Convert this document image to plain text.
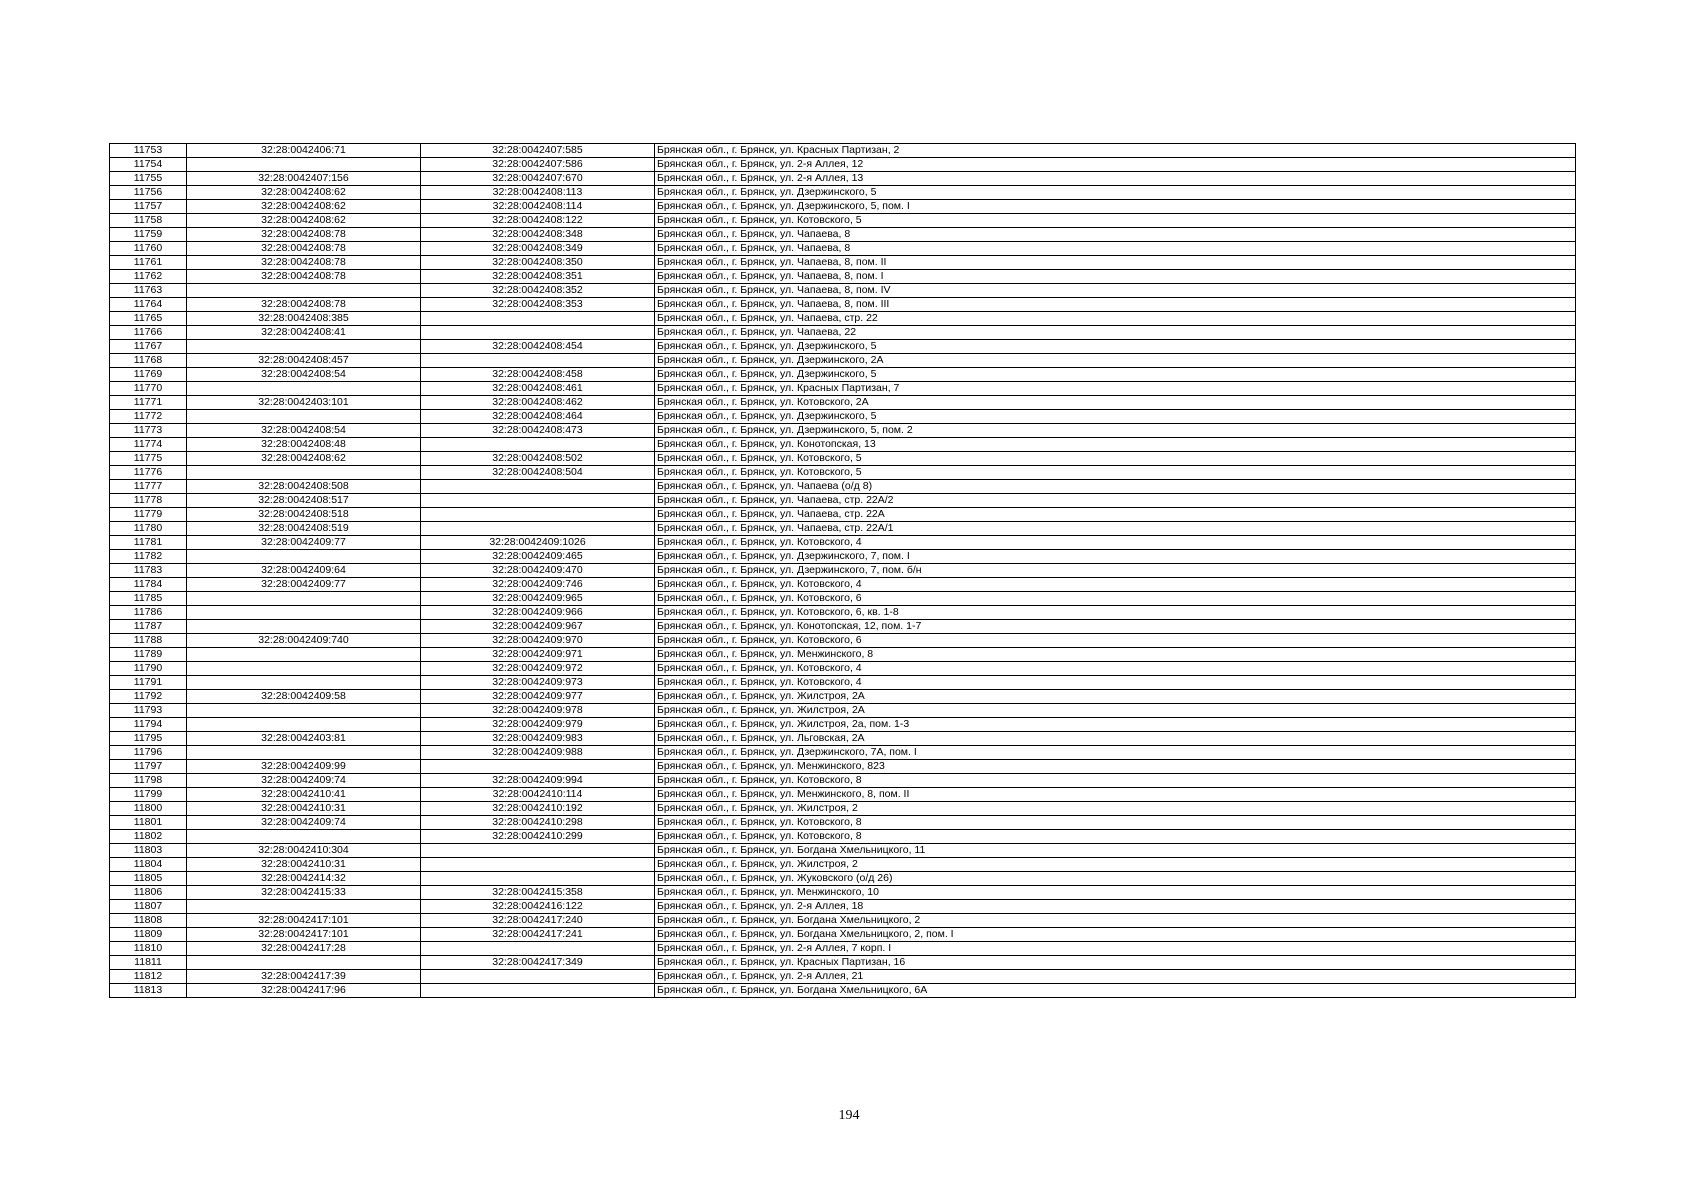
11753	32:28:0042406:71	32:28:0042407:585	Брянская обл., г. Брянск, ул. Красных Партизан, 2
11754		32:28:0042407:586	Брянская обл., г. Брянск, ул. 2-я Аллея, 12
11755	32:28:0042407:156	32:28:0042407:670	Брянская обл., г. Брянск, ул. 2-я Аллея, 13
11756	32:28:0042408:62	32:28:0042408:113	Брянская обл., г. Брянск, ул. Дзержинского, 5
11757	32:28:0042408:62	32:28:0042408:114	Брянская обл., г. Брянск, ул. Дзержинского, 5, пом. I
11758	32:28:0042408:62	32:28:0042408:122	Брянская обл., г. Брянск, ул. Котовского, 5
11759	32:28:0042408:78	32:28:0042408:348	Брянская обл., г. Брянск, ул. Чапаева, 8
11760	32:28:0042408:78	32:28:0042408:349	Брянская обл., г. Брянск, ул. Чапаева, 8
11761	32:28:0042408:78	32:28:0042408:350	Брянская обл., г. Брянск, ул. Чапаева, 8, пом. II
11762	32:28:0042408:78	32:28:0042408:351	Брянская обл., г. Брянск, ул. Чапаева, 8, пом. I
11763		32:28:0042408:352	Брянская обл., г. Брянск, ул. Чапаева, 8, пом. IV
11764	32:28:0042408:78	32:28:0042408:353	Брянская обл., г. Брянск, ул. Чапаева, 8, пом. III
11765	32:28:0042408:385		Брянская обл., г. Брянск, ул. Чапаева, стр. 22
11766	32:28:0042408:41		Брянская обл., г. Брянск, ул. Чапаева, 22
11767		32:28:0042408:454	Брянская обл., г. Брянск, ул. Дзержинского, 5
11768	32:28:0042408:457		Брянская обл., г. Брянск, ул. Дзержинского, 2А
11769	32:28:0042408:54	32:28:0042408:458	Брянская обл., г. Брянск, ул. Дзержинского, 5
11770		32:28:0042408:461	Брянская обл., г. Брянск, ул. Красных Партизан, 7
11771	32:28:0042403:101	32:28:0042408:462	Брянская обл., г. Брянск, ул. Котовского, 2А
11772		32:28:0042408:464	Брянская обл., г. Брянск, ул. Дзержинского, 5
11773	32:28:0042408:54	32:28:0042408:473	Брянская обл., г. Брянск, ул. Дзержинского, 5, пом. 2
11774	32:28:0042408:48		Брянская обл., г. Брянск, ул. Конотопская, 13
11775	32:28:0042408:62	32:28:0042408:502	Брянская обл., г. Брянск, ул. Котовского, 5
11776		32:28:0042408:504	Брянская обл., г. Брянск, ул. Котовского, 5
11777	32:28:0042408:508		Брянская обл., г. Брянск, ул. Чапаева (о/д 8)
11778	32:28:0042408:517		Брянская обл., г. Брянск, ул. Чапаева, стр. 22А/2
11779	32:28:0042408:518		Брянская обл., г. Брянск, ул. Чапаева, стр. 22А
11780	32:28:0042408:519		Брянская обл., г. Брянск, ул. Чапаева, стр. 22А/1
11781	32:28:0042409:77	32:28:0042409:1026	Брянская обл., г. Брянск, ул. Котовского, 4
11782		32:28:0042409:465	Брянская обл., г. Брянск, ул. Дзержинского, 7, пом. I
11783	32:28:0042409:64	32:28:0042409:470	Брянская обл., г. Брянск, ул. Дзержинского, 7, пом. б/н
11784	32:28:0042409:77	32:28:0042409:746	Брянская обл., г. Брянск, ул. Котовского, 4
11785		32:28:0042409:965	Брянская обл., г. Брянск, ул. Котовского, 6
11786		32:28:0042409:966	Брянская обл., г. Брянск, ул. Котовского, 6, кв. 1-8
11787		32:28:0042409:967	Брянская обл., г. Брянск, ул. Конотопская, 12, пом. 1-7
11788	32:28:0042409:740	32:28:0042409:970	Брянская обл., г. Брянск, ул. Котовского, 6
11789		32:28:0042409:971	Брянская обл., г. Брянск, ул. Менжинского, 8
11790		32:28:0042409:972	Брянская обл., г. Брянск, ул. Котовского, 4
11791		32:28:0042409:973	Брянская обл., г. Брянск, ул. Котовского, 4
11792	32:28:0042409:58	32:28:0042409:977	Брянская обл., г. Брянск, ул. Жилстроя, 2А
11793		32:28:0042409:978	Брянская обл., г. Брянск, ул. Жилстроя, 2А
11794		32:28:0042409:979	Брянская обл., г. Брянск, ул. Жилстроя, 2а, пом. 1-3
11795	32:28:0042403:81	32:28:0042409:983	Брянская обл., г. Брянск, ул. Льговская, 2А
11796		32:28:0042409:988	Брянская обл., г. Брянск, ул. Дзержинского, 7А, пом. I
11797	32:28:0042409:99		Брянская обл., г. Брянск, ул. Менжинского, 823
11798	32:28:0042409:74	32:28:0042409:994	Брянская обл., г. Брянск, ул. Котовского, 8
11799	32:28:0042410:41	32:28:0042410:114	Брянская обл., г. Брянск, ул. Менжинского, 8, пом. II
11800	32:28:0042410:31	32:28:0042410:192	Брянская обл., г. Брянск, ул. Жилстроя, 2
11801	32:28:0042409:74	32:28:0042410:298	Брянская обл., г. Брянск, ул. Котовского, 8
11802		32:28:0042410:299	Брянская обл., г. Брянск, ул. Котовского, 8
11803	32:28:0042410:304		Брянская обл., г. Брянск, ул. Богдана Хмельницкого, 11
11804	32:28:0042410:31		Брянская обл., г. Брянск, ул. Жилстроя, 2
11805	32:28:0042414:32		Брянская обл., г. Брянск, ул. Жуковского (о/д 26)
11806	32:28:0042415:33	32:28:0042415:358	Брянская обл., г. Брянск, ул. Менжинского, 10
11807		32:28:0042416:122	Брянская обл., г. Брянск, ул. 2-я Аллея, 18
11808	32:28:0042417:101	32:28:0042417:240	Брянская обл., г. Брянск, ул. Богдана Хмельницкого, 2
11809	32:28:0042417:101	32:28:0042417:241	Брянская обл., г. Брянск, ул. Богдана Хмельницкого, 2, пом. I
11810	32:28:0042417:28		Брянская обл., г. Брянск, ул. 2-я Аллея, 7 корп. I
11811		32:28:0042417:349	Брянская обл., г. Брянск, ул. Красных Партизан, 16
11812	32:28:0042417:39		Брянская обл., г. Брянск, ул. 2-я Аллея, 21
11813	32:28:0042417:96		Брянская обл., г. Брянск, ул. Богдана Хмельницкого, 6А
194
